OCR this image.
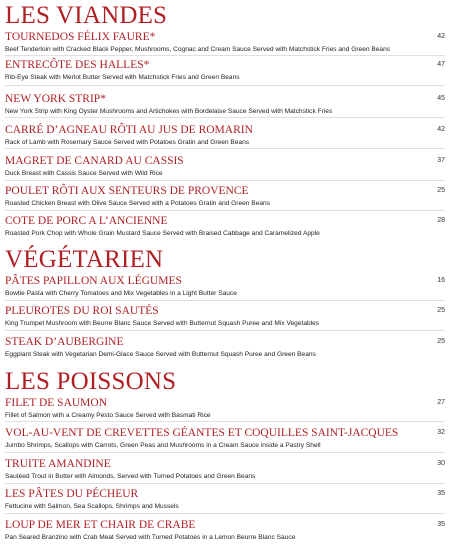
LES VIANDES
TOURNEDOS FÉLIX FAURE*
Beef Tenderloin with Cracked Black Pepper, Mushrooms, Cognac and Cream Sauce Served with Matchstick Fries and Green Beans
42
ENTRECÔTE DES HALLES*
Rib-Eye Steak with Merlot Butter Served with Matchstick Fries and Green Beans
47
NEW YORK STRIP*
New York Strip with King Oyster Mushrooms and Artichokes with Bordelaise Sauce Served with Matchstick Fries
45
CARRÉ D’AGNEAU RÔTI AU JUS DE ROMARIN
Rack of Lamb with Rosemary Sauce Served with Potatoes Gratin and Green Beans
42
MAGRET DE CANARD AU CASSIS
Duck Breast with Cassis Sauce Served with Wild Rice
37
POULET RÔTI AUX SENTEURS DE PROVENCE
Roasted Chicken Breast with Olive Sauce Served with a Potatoes Gratin and Green Beans
25
COTE DE PORC A L’ANCIENNE
Roasted Pork Chop with Whole Grain Mustard Sauce Served with Braised Cabbage and Caramelized Apple
28
VÉGÉTARIEN
PÂTES PAPILLON AUX LÉGUMES
Bowtie Pasta with Cherry Tomatoes and Mix Vegetables in a Light Butter Sauce
16
PLEUROTES DU ROI SAUTÉS
King Trumpet Mushroom with Beurre Blanc Sauce Served with Butternut Squash Puree and Mix Vegetables
25
STEAK D’AUBERGINE
Eggplant Steak with Vegetarian Demi-Glace Sauce Served with Butternut Squash Puree and Green Beans
25
LES POISSONS
FILET DE SAUMON
Fillet of Salmon with a Creamy Pesto Sauce Served with Basmati Rice
27
VOL-AU-VENT DE CREVETTES GÉANTES ET COQUILLES SAINT-JACQUES
Jumbo Shrimps, Scallops with Carrots, Green Peas and Mushrooms in a Cream Sauce inside a Pastry Shell
32
TRUITE AMANDINE
Sautéed Trout in Butter with Almonds, Served with Turned Potatoes and Green Beans
30
LES PÂTES DU PÉCHEUR
Fettucine with Salmon, Sea Scallops, Shrimps and Mussels
35
LOUP DE MER ET CHAIR DE CRABE
Pan Seared Branzino with Crab Meat Served with Turned Potatoes in a Lemon Beurre Blanc Sauce
35
